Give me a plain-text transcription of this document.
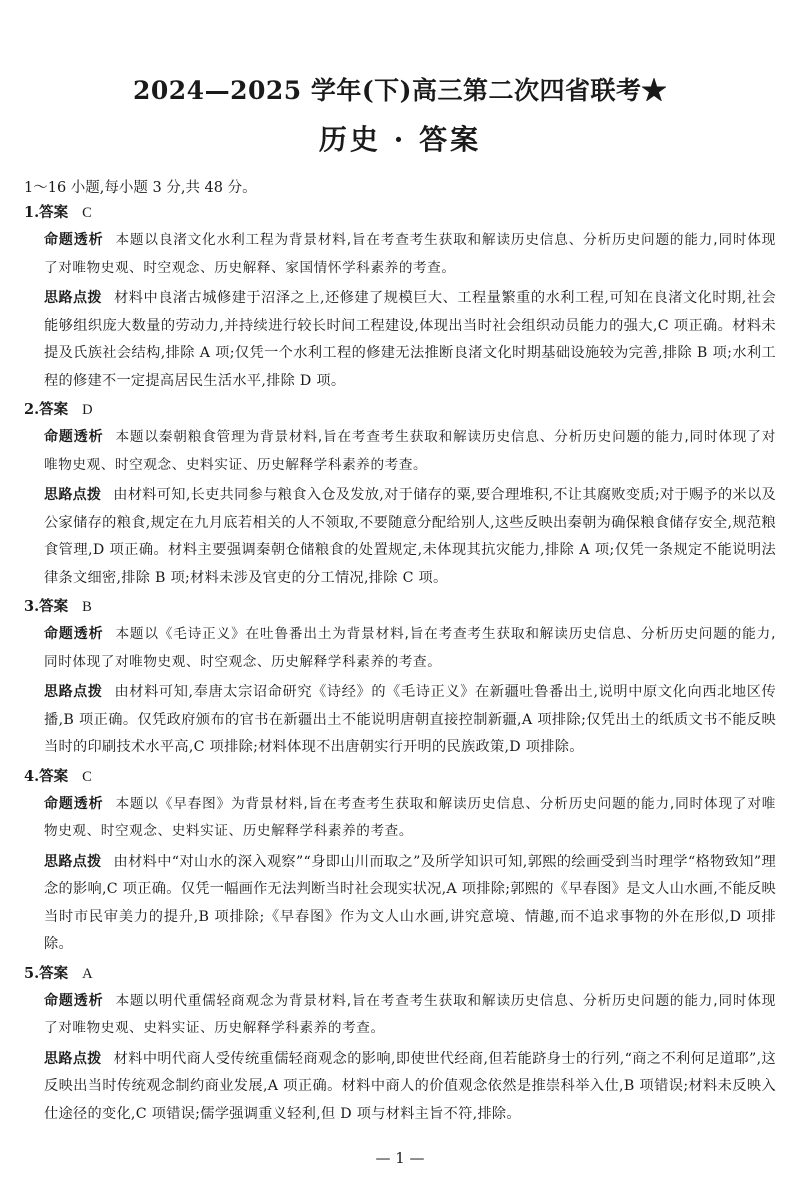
2024—2025 学年(下)高三第二次四省联考★
历史 · 答案
1～16 小题,每小题 3 分,共 48 分。
1.答案 C
命题透析 本题以良渚文化水利工程为背景材料,旨在考查考生获取和解读历史信息、分析历史问题的能力,同时体现了对唯物史观、时空观念、历史解释、家国情怀学科素养的考查。
思路点拨 材料中良渚古城修建于沼泽之上,还修建了规模巨大、工程量繁重的水利工程,可知在良渚文化时期,社会能够组织庞大数量的劳动力,并持续进行较长时间工程建设,体现出当时社会组织动员能力的强大,C 项正确。材料未提及氏族社会结构,排除 A 项;仅凭一个水利工程的修建无法推断良渚文化时期基础设施较为完善,排除 B 项;水利工程的修建不一定提高居民生活水平,排除 D 项。
2.答案 D
命题透析 本题以秦朝粮食管理为背景材料,旨在考查考生获取和解读历史信息、分析历史问题的能力,同时体现了对唯物史观、时空观念、史料实证、历史解释学科素养的考查。
思路点拨 由材料可知,长吏共同参与粮食入仓及发放,对于储存的粟,要合理堆积,不让其腐败变质;对于赐予的米以及公家储存的粮食,规定在九月底若相关的人不领取,不要随意分配给别人,这些反映出秦朝为确保粮食储存安全,规范粮食管理,D 项正确。材料主要强调秦朝仓储粮食的处置规定,未体现其抗灾能力,排除 A 项;仅凭一条规定不能说明法律条文细密,排除 B 项;材料未涉及官吏的分工情况,排除 C 项。
3.答案 B
命题透析 本题以《毛诗正义》在吐鲁番出土为背景材料,旨在考查考生获取和解读历史信息、分析历史问题的能力,同时体现了对唯物史观、时空观念、历史解释学科素养的考查。
思路点拨 由材料可知,奉唐太宗诏命研究《诗经》的《毛诗正义》在新疆吐鲁番出土,说明中原文化向西北地区传播,B 项正确。仅凭政府颁布的官书在新疆出土不能说明唐朝直接控制新疆,A 项排除;仅凭出土的纸质文书不能反映当时的印刷技术水平高,C 项排除;材料体现不出唐朝实行开明的民族政策,D 项排除。
4.答案 C
命题透析 本题以《早春图》为背景材料,旨在考查考生获取和解读历史信息、分析历史问题的能力,同时体现了对唯物史观、时空观念、史料实证、历史解释学科素养的考查。
思路点拨 由材料中“对山水的深入观察”“身即山川而取之”及所学知识可知,郭熙的绘画受到当时理学“格物致知”理念的影响,C 项正确。仅凭一幅画作无法判断当时社会现实状况,A 项排除;郭熙的《早春图》是文人山水画,不能反映当时市民审美力的提升,B 项排除;《早春图》作为文人山水画,讲究意境、情趣,而不追求事物的外在形似,D 项排除。
5.答案 A
命题透析 本题以明代重儒轻商观念为背景材料,旨在考查考生获取和解读历史信息、分析历史问题的能力,同时体现了对唯物史观、史料实证、历史解释学科素养的考查。
思路点拨 材料中明代商人受传统重儒轻商观念的影响,即使世代经商,但若能跻身士的行列,“商之不利何足道耶”,这反映出当时传统观念制约商业发展,A 项正确。材料中商人的价值观念依然是推崇科举入仕,B 项错误;材料未反映入仕途径的变化,C 项错误;儒学强调重义轻利,但 D 项与材料主旨不符,排除。
— 1 —
